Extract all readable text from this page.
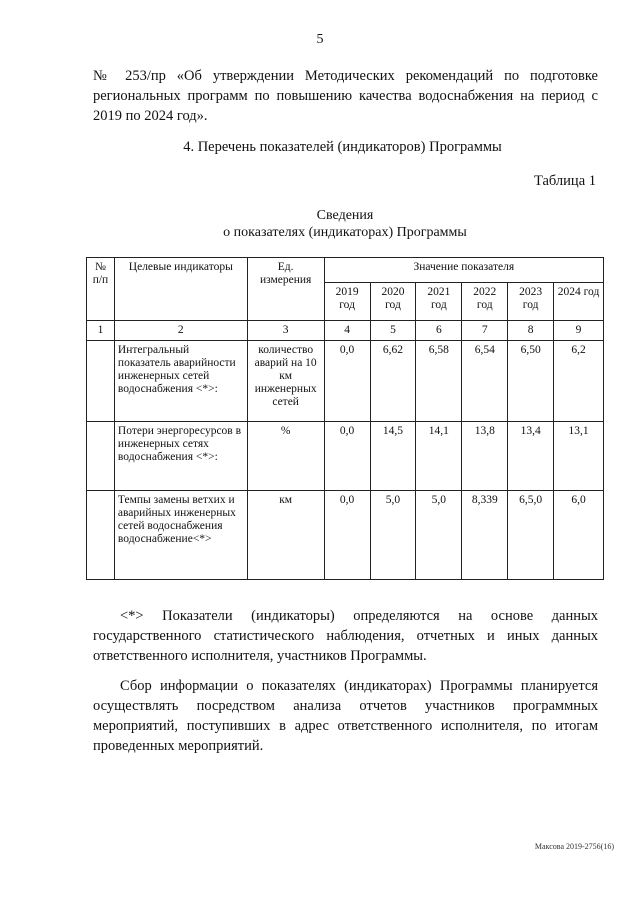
5
№ 253/пр «Об утверждении Методических рекомендаций по подготовке региональных программ по повышению качества водоснабжения на период с 2019 по 2024 год».
4. Перечень показателей (индикаторов) Программы
Таблица 1
Сведения
о показателях (индикаторах) Программы
№ п/п	Целевые индикаторы	Ед. измерения	Значение показателя					
			2019 год	2020 год	2021 год	2022 год	2023 год	2024 год
1	2	3	4	5	6	7	8	9
	Интегральный показатель аварийности инженерных сетей водоснабжения <*>:	количество аварий на 10 км инженерных сетей	0,0	6,62	6,58	6,54	6,50	6,2
	Потери энергоресурсов в инженерных сетях водоснабжения <*>:	%	0,0	14,5	14,1	13,8	13,4	13,1
	Темпы замены ветхих и аварийных инженерных сетей водоснабжения водоснабжение<*>	км	0,0	5,0	5,0	8,339	6,5,0	6,0
<*> Показатели (индикаторы) определяются на основе данных государственного статистического наблюдения, отчетных и иных данных ответственного исполнителя, участников Программы.
Сбор информации о показателях (индикаторах) Программы планируется осуществлять посредством анализа отчетов участников программных мероприятий, поступивших в адрес ответственного исполнителя, по итогам проведенных мероприятий.
Максова 2019-2756(16)
